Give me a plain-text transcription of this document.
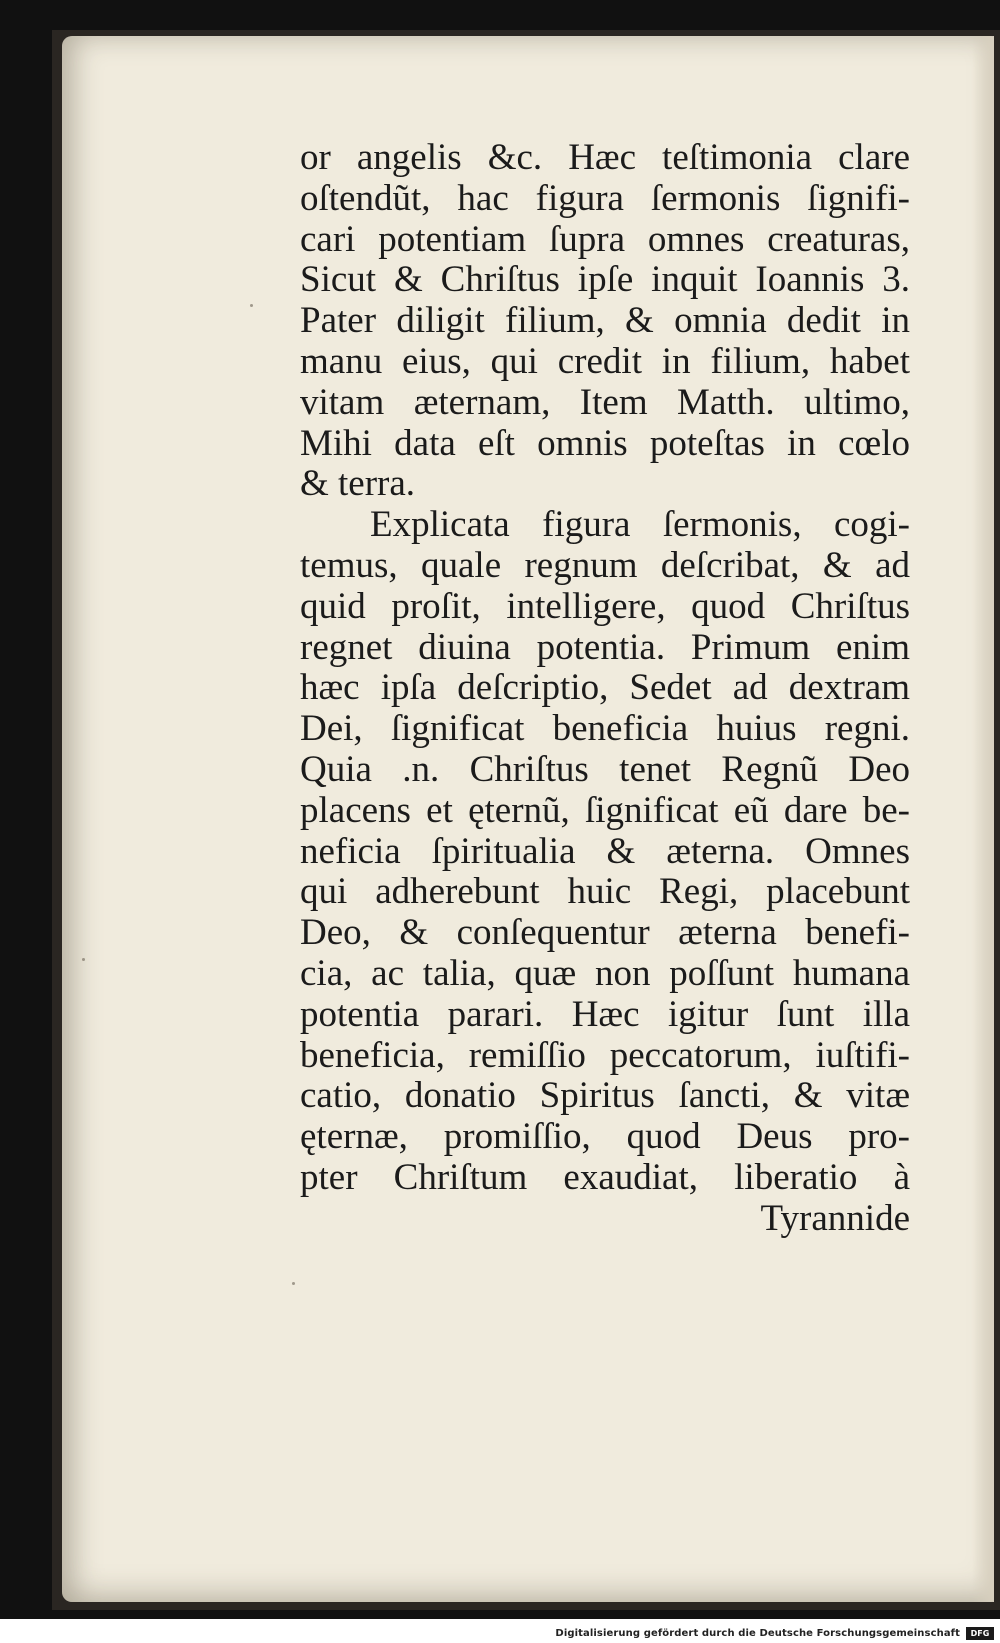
or angelis &c. Hæc teſtimonia clare
oſtendũt, hac figura ſermonis ſignifi-
cari potentiam ſupra omnes creaturas,
Sicut & Chriſtus ipſe inquit Ioannis 3.
Pater diligit filium, & omnia dedit in
manu eius, qui credit in filium, habet
vitam æternam, Item Matth. ultimo,
Mihi data eſt omnis poteſtas in cœlo
& terra.
Explicata figura ſermonis, cogi-
temus, quale regnum deſcribat, & ad
quid proſit, intelligere, quod Chriſtus
regnet diuina potentia. Primum enim
hæc ipſa deſcriptio, Sedet ad dextram
Dei, ſignificat beneficia huius regni.
Quia .n. Chriſtus tenet Regnũ Deo
placens et ęternũ, ſignificat eũ dare be-
neficia ſpiritualia & æterna. Omnes
qui adherebunt huic Regi, placebunt
Deo, & conſequentur æterna benefi-
cia, ac talia, quæ non poſſunt humana
potentia parari. Hæc igitur ſunt illa
beneficia, remiſſio peccatorum, iuſtifi-
catio, donatio Spiritus ſancti, & vitæ
ęternæ, promiſſio, quod Deus pro-
pter Chriſtum exaudiat, liberatio à
Tyrannide
Digitalisierung gefördert durch die Deutsche Forschungsgemeinschaft	DFG
